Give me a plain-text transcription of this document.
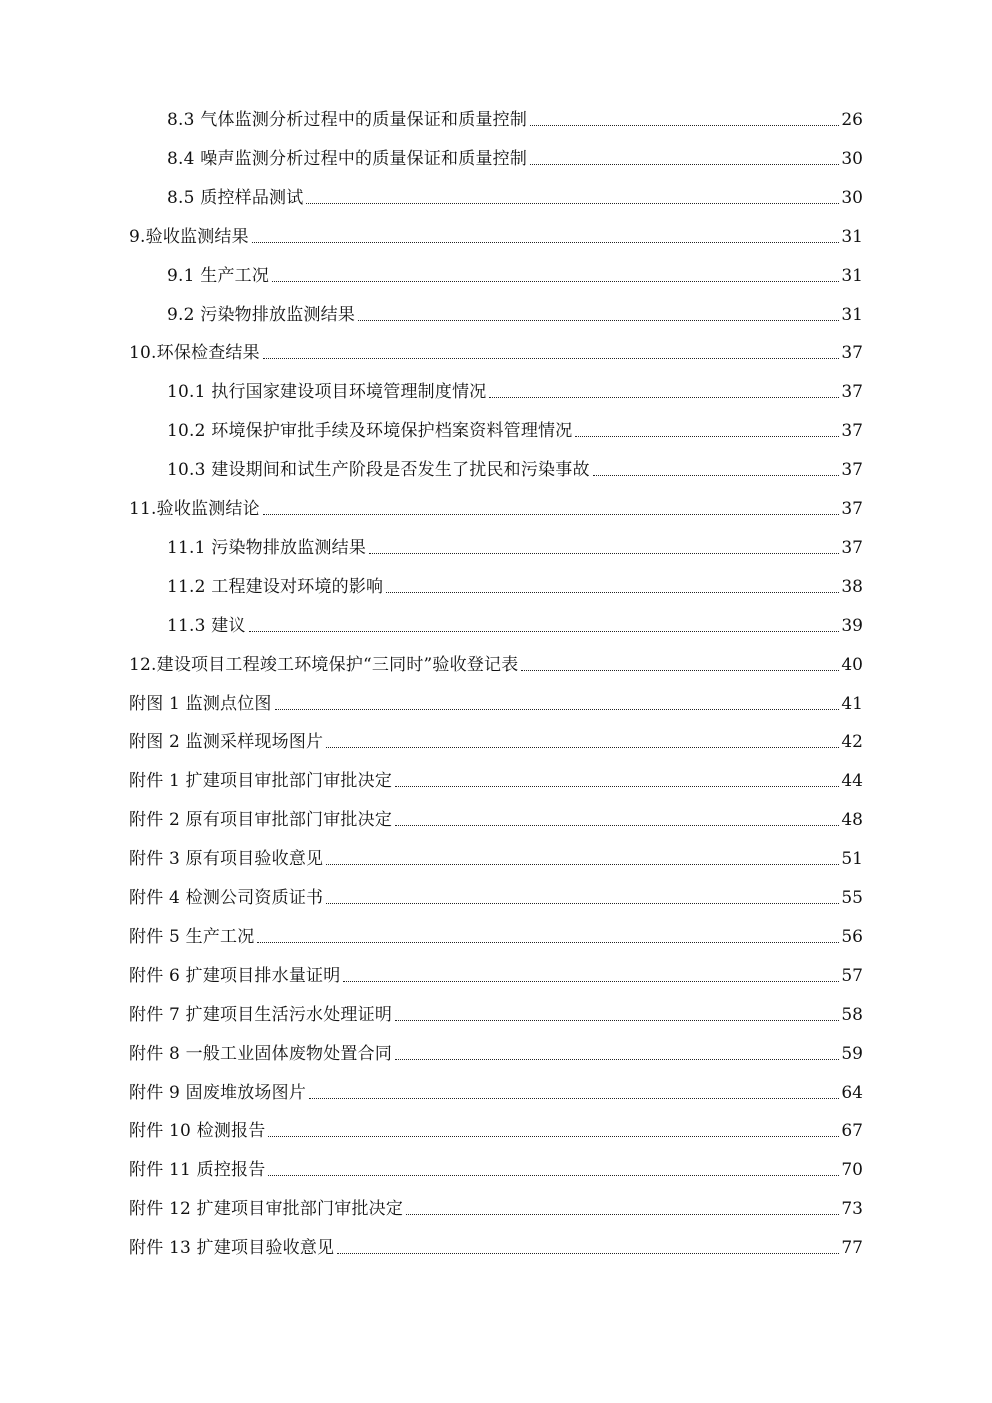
8.3 气体监测分析过程中的质量保证和质量控制	26
8.4 噪声监测分析过程中的质量保证和质量控制	30
8.5 质控样品测试	30
9.验收监测结果	31
9.1 生产工况	31
9.2 污染物排放监测结果	31
10.环保检查结果	37
10.1 执行国家建设项目环境管理制度情况	37
10.2 环境保护审批手续及环境保护档案资料管理情况	37
10.3 建设期间和试生产阶段是否发生了扰民和污染事故	37
11.验收监测结论	37
11.1 污染物排放监测结果	37
11.2 工程建设对环境的影响	38
11.3 建议	39
12.建设项目工程竣工环境保护“三同时”验收登记表	40
附图 1 监测点位图	41
附图 2 监测采样现场图片	42
附件 1 扩建项目审批部门审批决定	44
附件 2 原有项目审批部门审批决定	48
附件 3 原有项目验收意见	51
附件 4 检测公司资质证书	55
附件 5 生产工况	56
附件 6 扩建项目排水量证明	57
附件 7 扩建项目生活污水处理证明	58
附件 8 一般工业固体废物处置合同	59
附件 9 固废堆放场图片	64
附件 10 检测报告	67
附件 11 质控报告	70
附件 12 扩建项目审批部门审批决定	73
附件 13 扩建项目验收意见	77
